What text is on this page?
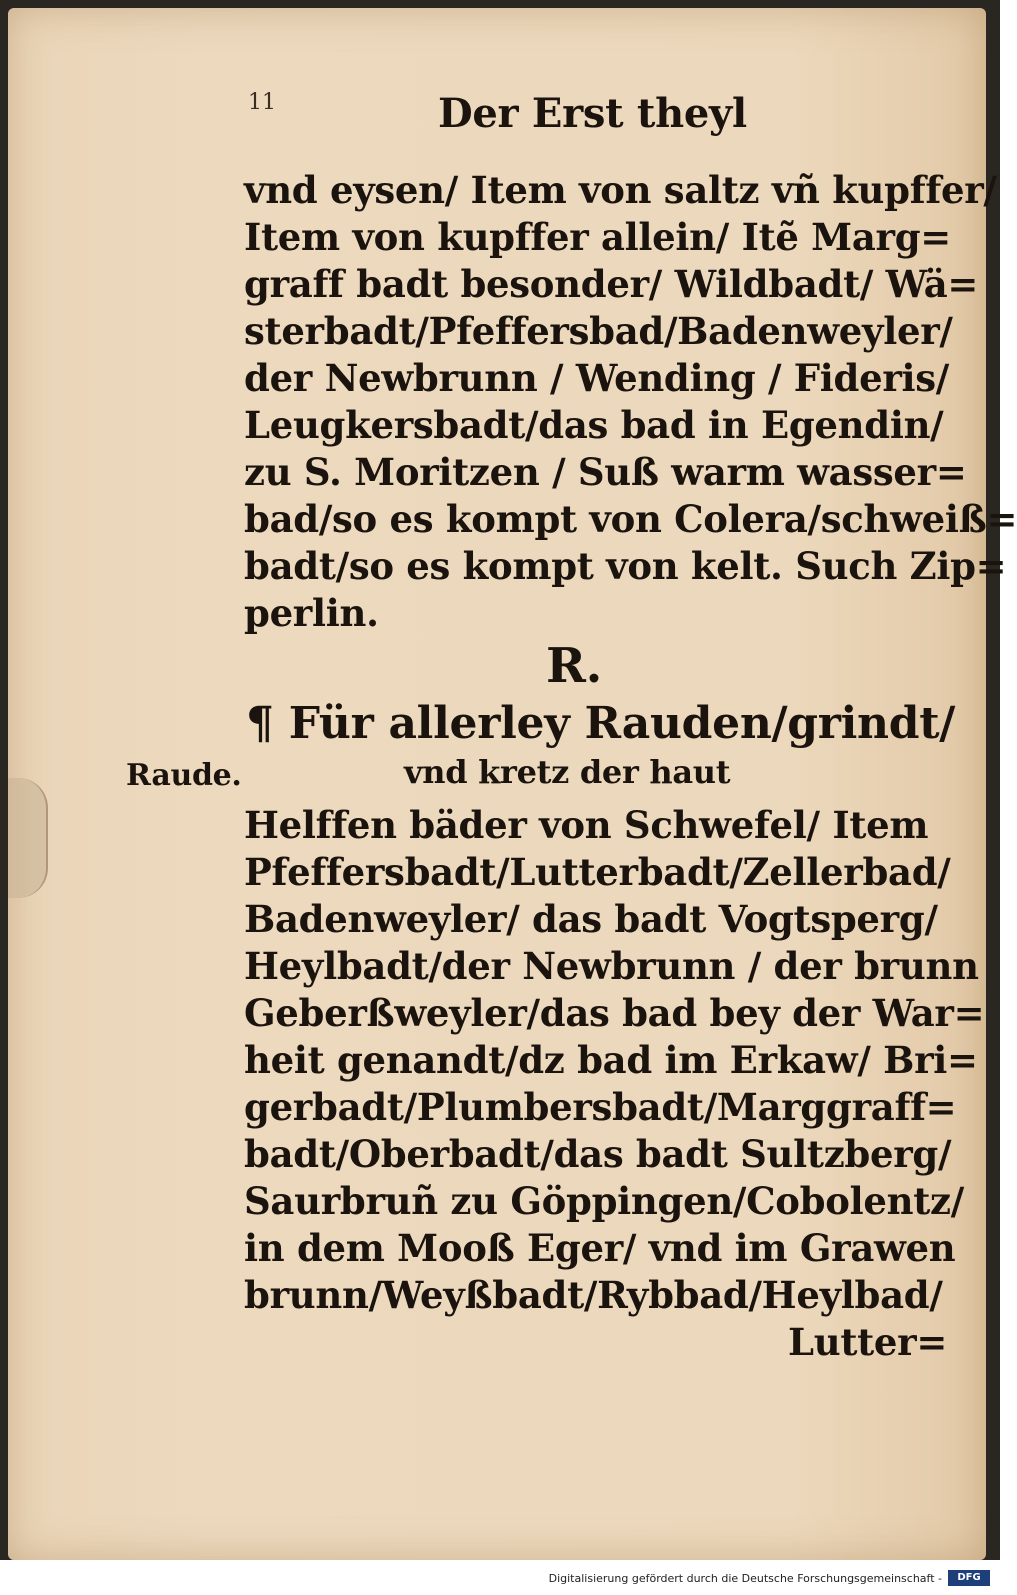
11	Der Erst theyl
vnd eysen/ Item von saltz vñ kupffer/
Item von kupffer allein/ Itẽ Marg=
graff badt besonder/ Wildbadt/ Wä=
sterbadt/Pfeffersbad/Badenweyler/
der Newbrunn / Wending / Fideris/
Leugkersbadt/das bad in Egendin/
zu S. Moritzen / Suß warm wasser=
bad/so es kompt von Colera/schweiß=
badt/so es kompt von kelt. Such Zip=
perlin.
R.
¶ Für allerley Rauden/grindt/
vnd kretz der haut
Raude.
Helffen bäder von Schwefel/ Item
Pfeffersbadt/Lutterbadt/Zellerbad/
Badenweyler/ das badt Vogtsperg/
Heylbadt/der Newbrunn / der brunn
Geberßweyler/das bad bey der War=
heit genandt/dz bad im Erkaw/ Bri=
gerbadt/Plumbersbadt/Marggraff=
badt/Oberbadt/das badt Sultzberg/
Saurbruñ zu Göppingen/Cobolentz/
in dem Mooß Eger/ vnd im Grawen
brunn/Weyßbadt/Rybbad/Heylbad/
Lutter=
Digitalisierung gefördert durch die Deutsche Forschungsgemeinschaft -	DFG
